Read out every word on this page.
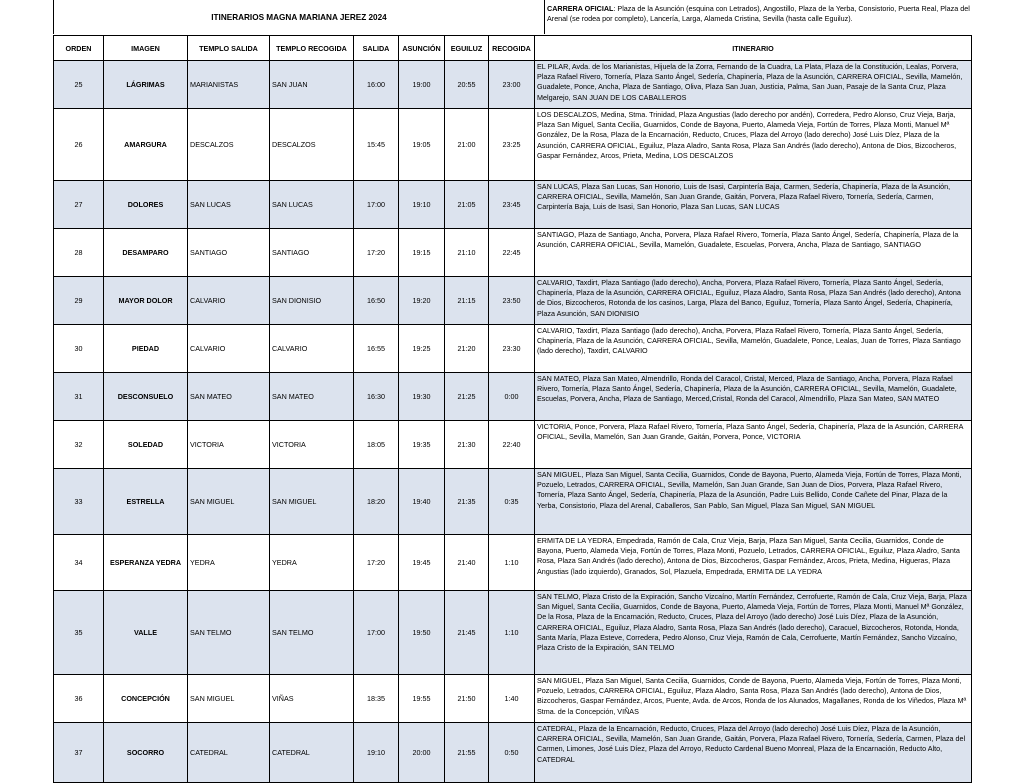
ITINERARIOS MAGNA MARIANA JEREZ 2024
CARRERA OFICIAL: Plaza de la Asunción (esquina con Letrados), Angostillo, Plaza de la Yerba, Consistorio, Puerta Real, Plaza del Arenal (se rodea por completo), Lancería, Larga, Alameda Cristina, Sevilla (hasta calle Eguiluz).
ORDEN	IMAGEN	TEMPLO SALIDA	TEMPLO RECOGIDA	SALIDA	ASUNCIÓN	EGUILUZ	RECOGIDA	ITINERARIO
25	LÁGRIMAS	MARIANISTAS	SAN JUAN	16:00	19:00	20:55	23:00	EL PILAR, Avda. de los Marianistas, Hijuela de la Zorra, Fernando de la Cuadra, La Plata, Plaza de la Constitución, Lealas, Porvera, Plaza Rafael Rivero, Tornería, Plaza Santo Ángel, Sedería, Chapinería, Plaza de la Asunción, CARRERA OFICIAL, Sevilla, Mamelón, Guadalete, Ponce, Ancha, Plaza de Santiago, Oliva, Plaza San Juan, Justicia, Palma, San Juan, Pasaje de la Santa Cruz, Plaza Melgarejo, SAN JUAN DE LOS CABALLEROS
26	AMARGURA	DESCALZOS	DESCALZOS	15:45	19:05	21:00	23:25	LOS DESCALZOS, Medina, Stma. Trinidad, Plaza Angustias (lado derecho por andén), Corredera, Pedro Alonso, Cruz Vieja, Barja, Plaza San Miguel, Santa Cecilia, Guarnidos, Conde de Bayona, Puerto, Alameda Vieja, Fortún de Torres, Plaza Monti, Manuel Mª González, De la Rosa, Plaza de la Encarnación, Reducto, Cruces, Plaza del Arroyo (lado derecho) José Luis Díez, Plaza de la Asunción, CARRERA OFICIAL, Eguiluz, Plaza Aladro, Santa Rosa, Plaza San Andrés (lado derecho), Antona de Dios, Bizcocheros, Gaspar Fernández, Arcos, Prieta, Medina, LOS DESCALZOS
27	DOLORES	SAN LUCAS	SAN LUCAS	17:00	19:10	21:05	23:45	SAN LUCAS, Plaza San Lucas, San Honorio, Luis de Isasi, Carpintería Baja, Carmen, Sedería, Chapinería, Plaza de la Asunción, CARRERA OFICIAL, Sevilla, Mamelón, San Juan Grande, Gaitán, Porvera, Plaza Rafael Rivero, Tornería, Sedería, Carmen, Carpintería Baja, Luis de Isasi, San Honorio, Plaza San Lucas, SAN LUCAS
28	DESAMPARO	SANTIAGO	SANTIAGO	17:20	19:15	21:10	22:45	SANTIAGO, Plaza de Santiago, Ancha, Porvera, Plaza Rafael Rivero, Tornería, Plaza Santo Ángel, Sedería, Chapinería, Plaza de la Asunción, CARRERA OFICIAL, Sevilla, Mamelón, Guadalete, Escuelas, Porvera, Ancha, Plaza de Santiago, SANTIAGO
29	MAYOR DOLOR	CALVARIO	SAN DIONISIO	16:50	19:20	21:15	23:50	CALVARIO, Taxdirt, Plaza Santiago (lado derecho), Ancha, Porvera, Plaza Rafael Rivero, Tornería, Plaza Santo Ángel, Sedería, Chapinería, Plaza de la Asunción, CARRERA OFICIAL, Eguiluz, Plaza Aladro, Santa Rosa, Plaza San Andrés (lado derecho), Antona de Dios, Bizcocheros, Rotonda de los casinos, Larga, Plaza del Banco, Eguiluz, Tornería, Plaza Santo Ángel, Sedería, Chapinería, Plaza Asunción, SAN DIONISIO
30	PIEDAD	CALVARIO	CALVARIO	16:55	19:25	21:20	23:30	CALVARIO, Taxdirt, Plaza Santiago (lado derecho), Ancha, Porvera, Plaza Rafael Rivero, Tornería, Plaza Santo Ángel, Sedería, Chapinería, Plaza de la Asunción, CARRERA OFICIAL, Sevilla, Mamelón, Guadalete, Ponce, Lealas, Juan de Torres, Plaza Santiago (lado derecho), Taxdirt, CALVARIO
31	DESCONSUELO	SAN MATEO	SAN MATEO	16:30	19:30	21:25	0:00	SAN MATEO, Plaza San Mateo, Almendrillo, Ronda del Caracol, Cristal, Merced, Plaza de Santiago, Ancha, Porvera, Plaza Rafael Rivero, Tornería, Plaza Santo Ángel, Sedería, Chapinería, Plaza de la Asunción, CARRERA OFICIAL, Sevilla, Mamelón, Guadalete, Escuelas, Porvera, Ancha, Plaza de Santiago, Merced,Cristal, Ronda del Caracol, Almendrillo, Plaza San Mateo, SAN MATEO
32	SOLEDAD	VICTORIA	VICTORIA	18:05	19:35	21:30	22:40	VICTORIA, Ponce, Porvera, Plaza Rafael Rivero, Tornería, Plaza Santo Ángel, Sedería, Chapinería, Plaza de la Asunción, CARRERA OFICIAL, Sevilla, Mamelón, San Juan Grande, Gaitán, Porvera, Ponce, VICTORIA
33	ESTRELLA	SAN MIGUEL	SAN MIGUEL	18:20	19:40	21:35	0:35	SAN MIGUEL, Plaza San Miguel, Santa Cecilia, Guarnidos, Conde de Bayona, Puerto, Alameda Vieja, Fortún de Torres, Plaza Monti, Pozuelo, Letrados, CARRERA OFICIAL, Sevilla, Mamelón, San Juan Grande, San Juan de Dios, Porvera, Plaza Rafael Rivero, Tornería, Plaza Santo Ángel, Sedería, Chapinería, Plaza de la Asunción, Padre Luis Bellido, Conde Cañete del Pinar, Plaza de la Yerba, Consistorio, Plaza del Arenal, Caballeros, San Pablo, San Miguel, Plaza San Miguel, SAN MIGUEL
34	ESPERANZA YEDRA	YEDRA	YEDRA	17:20	19:45	21:40	1:10	ERMITA DE LA YEDRA, Empedrada, Ramón de Cala, Cruz Vieja, Barja, Plaza San Miguel, Santa Cecilia, Guarnidos, Conde de Bayona, Puerto, Alameda Vieja, Fortún de Torres, Plaza Monti, Pozuelo, Letrados, CARRERA OFICIAL, Eguiluz, Plaza Aladro, Santa Rosa, Plaza San Andrés (lado derecho), Antona de Dios, Bizcocheros, Gaspar Fernández, Arcos, Prieta, Medina, Higueras, Plaza Angustias (lado izquierdo), Granados, Sol, Plazuela, Empedrada, ERMITA DE LA YEDRA
35	VALLE	SAN TELMO	SAN TELMO	17:00	19:50	21:45	1:10	SAN TELMO, Plaza Cristo de la Expiración, Sancho Vizcaíno, Martín Fernández, Cerrofuerte, Ramón de Cala, Cruz Vieja, Barja, Plaza San Miguel, Santa Cecilia, Guarnidos, Conde de Bayona, Puerto, Alameda Vieja, Fortún de Torres, Plaza Monti, Manuel Mª González, De la Rosa, Plaza de la Encarnación, Reducto, Cruces, Plaza del Arroyo (lado derecho) José Luis Díez, Plaza de la Asunción, CARRERA OFICIAL, Eguiluz, Plaza Aladro, Santa Rosa, Plaza San Andrés (lado derecho), Caracuel, Bizcocheros, Rotonda, Honda, Santa María, Plaza Esteve, Corredera, Pedro Alonso, Cruz Vieja, Ramón de Cala, Cerrofuerte, Martín Fernández, Sancho Vizcaíno, Plaza Cristo de la Expiración, SAN TELMO
36	CONCEPCIÓN	SAN MIGUEL	VIÑAS	18:35	19:55	21:50	1:40	SAN MIGUEL, Plaza San Miguel, Santa Cecilia, Guarnidos, Conde de Bayona, Puerto, Alameda Vieja, Fortún de Torres, Plaza Monti, Pozuelo, Letrados, CARRERA OFICIAL, Eguiluz, Plaza Aladro, Santa Rosa, Plaza San Andrés (lado derecho), Antona de Dios, Bizcocheros, Gaspar Fernández, Arcos, Puente, Avda. de Arcos, Ronda de los Alunados, Magallanes, Ronda de los Viñedos, Plaza Mª Stma. de la Concepción, VIÑAS
37	SOCORRO	CATEDRAL	CATEDRAL	19:10	20:00	21:55	0:50	CATEDRAL, Plaza de la Encarnación, Reducto, Cruces, Plaza del Arroyo (lado derecho) José Luis Díez, Plaza de la Asunción, CARRERA OFICIAL, Sevilla, Mamelón, San Juan Grande, Gaitán, Porvera, Plaza Rafael Rivero, Tornería, Sedería, Carmen, Plaza del Carmen, Limones, José Luis Díez, Plaza del Arroyo, Reducto Cardenal Bueno Monreal, Plaza de la Encarnación, Reducto Alto, CATEDRAL
